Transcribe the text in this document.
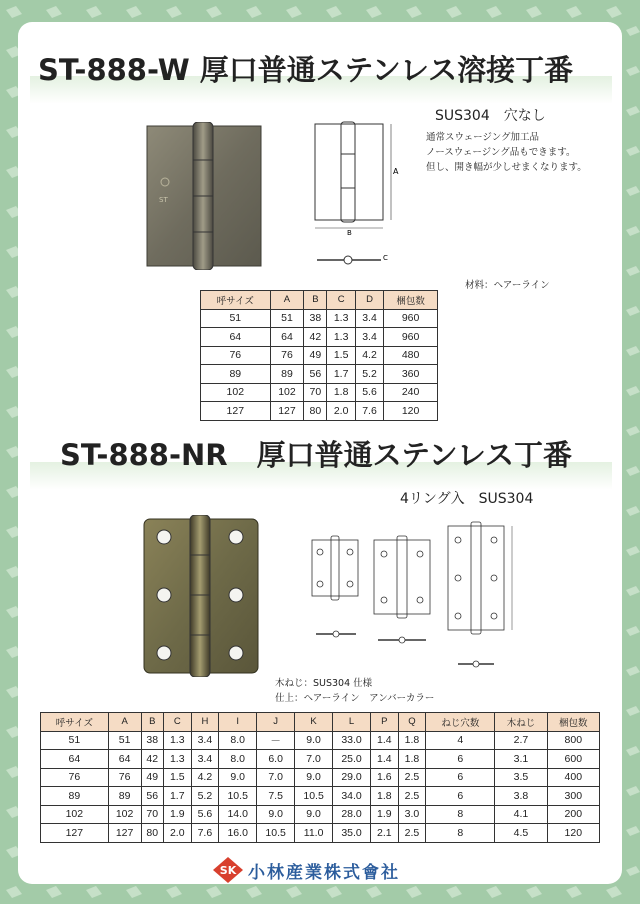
ST-888-W 厚口普通ステンレス溶接丁番
SUS304　穴なし
ST
A
B
C
通常スウェージング加工品
ノースウェージング品もできます。
但し、開き幅が少しせまくなります。
材料：ヘアーライン
呼サイズ	A	B	C	D	梱包数
51	51	38	1.3	3.4	960
64	64	42	1.3	3.4	960
76	76	49	1.5	4.2	480
89	89	56	1.7	5.2	360
102	102	70	1.8	5.6	240
127	127	80	2.0	7.6	120
ST-888-NR　厚口普通ステンレス丁番
4リング入　SUS304
木ねじ：SUS304 仕様
仕上：ヘアーライン　アンバーカラー
呼サイズ	A	B	C	H	I	J	K	L	P	Q	ねじ穴数	木ねじ	梱包数
51	51	38	1.3	3.4	8.0	－	9.0	33.0	1.4	1.8	4	2.7	800
64	64	42	1.3	3.4	8.0	6.0	7.0	25.0	1.4	1.8	6	3.1	600
76	76	49	1.5	4.2	9.0	7.0	9.0	29.0	1.6	2.5	6	3.5	400
89	89	56	1.7	5.2	10.5	7.5	10.5	34.0	1.8	2.5	6	3.8	300
102	102	70	1.9	5.6	14.0	9.0	9.0	28.0	1.9	3.0	8	4.1	200
127	127	80	2.0	7.6	16.0	10.5	11.0	35.0	2.1	2.5	8	4.5	120
SK 小林産業株式會社
